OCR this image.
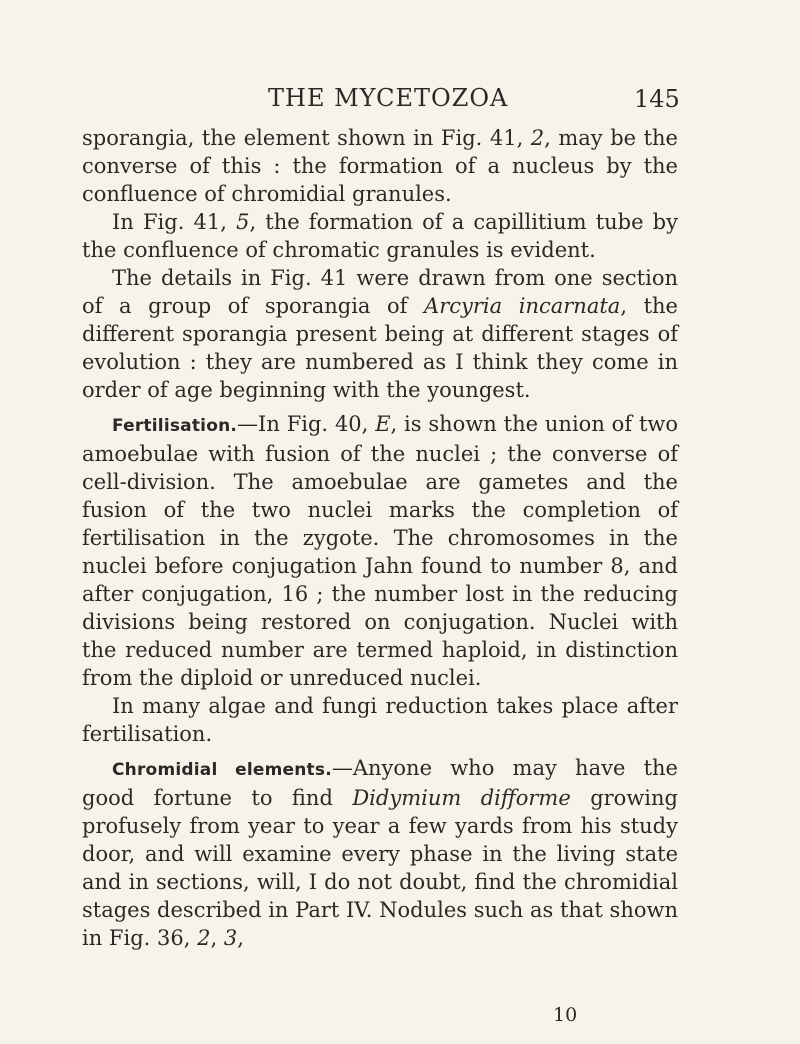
THE MYCETOZOA	145

sporangia, the element shown in Fig. 41, 2, may be the converse of this : the formation of a nucleus by the confluence of chromidial granules.

In Fig. 41, 5, the formation of a capillitium tube by the confluence of chromatic granules is evident.

The details in Fig. 41 were drawn from one section of a group of sporangia of Arcyria incarnata, the different sporangia present being at different stages of evolution : they are numbered as I think they come in order of age beginning with the youngest.

Fertilisation.—In Fig. 40, E, is shown the union of two amoebulae with fusion of the nuclei ; the converse of cell-division. The amoebulae are gametes and the fusion of the two nuclei marks the completion of fertilisation in the zygote. The chromosomes in the nuclei before conjugation Jahn found to number 8, and after conjugation, 16 ; the number lost in the reducing divisions being restored on conjugation. Nuclei with the reduced number are termed haploid, in distinction from the diploid or unreduced nuclei.

In many algae and fungi reduction takes place after fertilisation.

Chromidial elements.—Anyone who may have the good fortune to find Didymium difforme growing profusely from year to year a few yards from his study door, and will examine every phase in the living state and in sections, will, I do not doubt, find the chromidial stages described in Part IV. Nodules such as that shown in Fig. 36, 2, 3,

10
